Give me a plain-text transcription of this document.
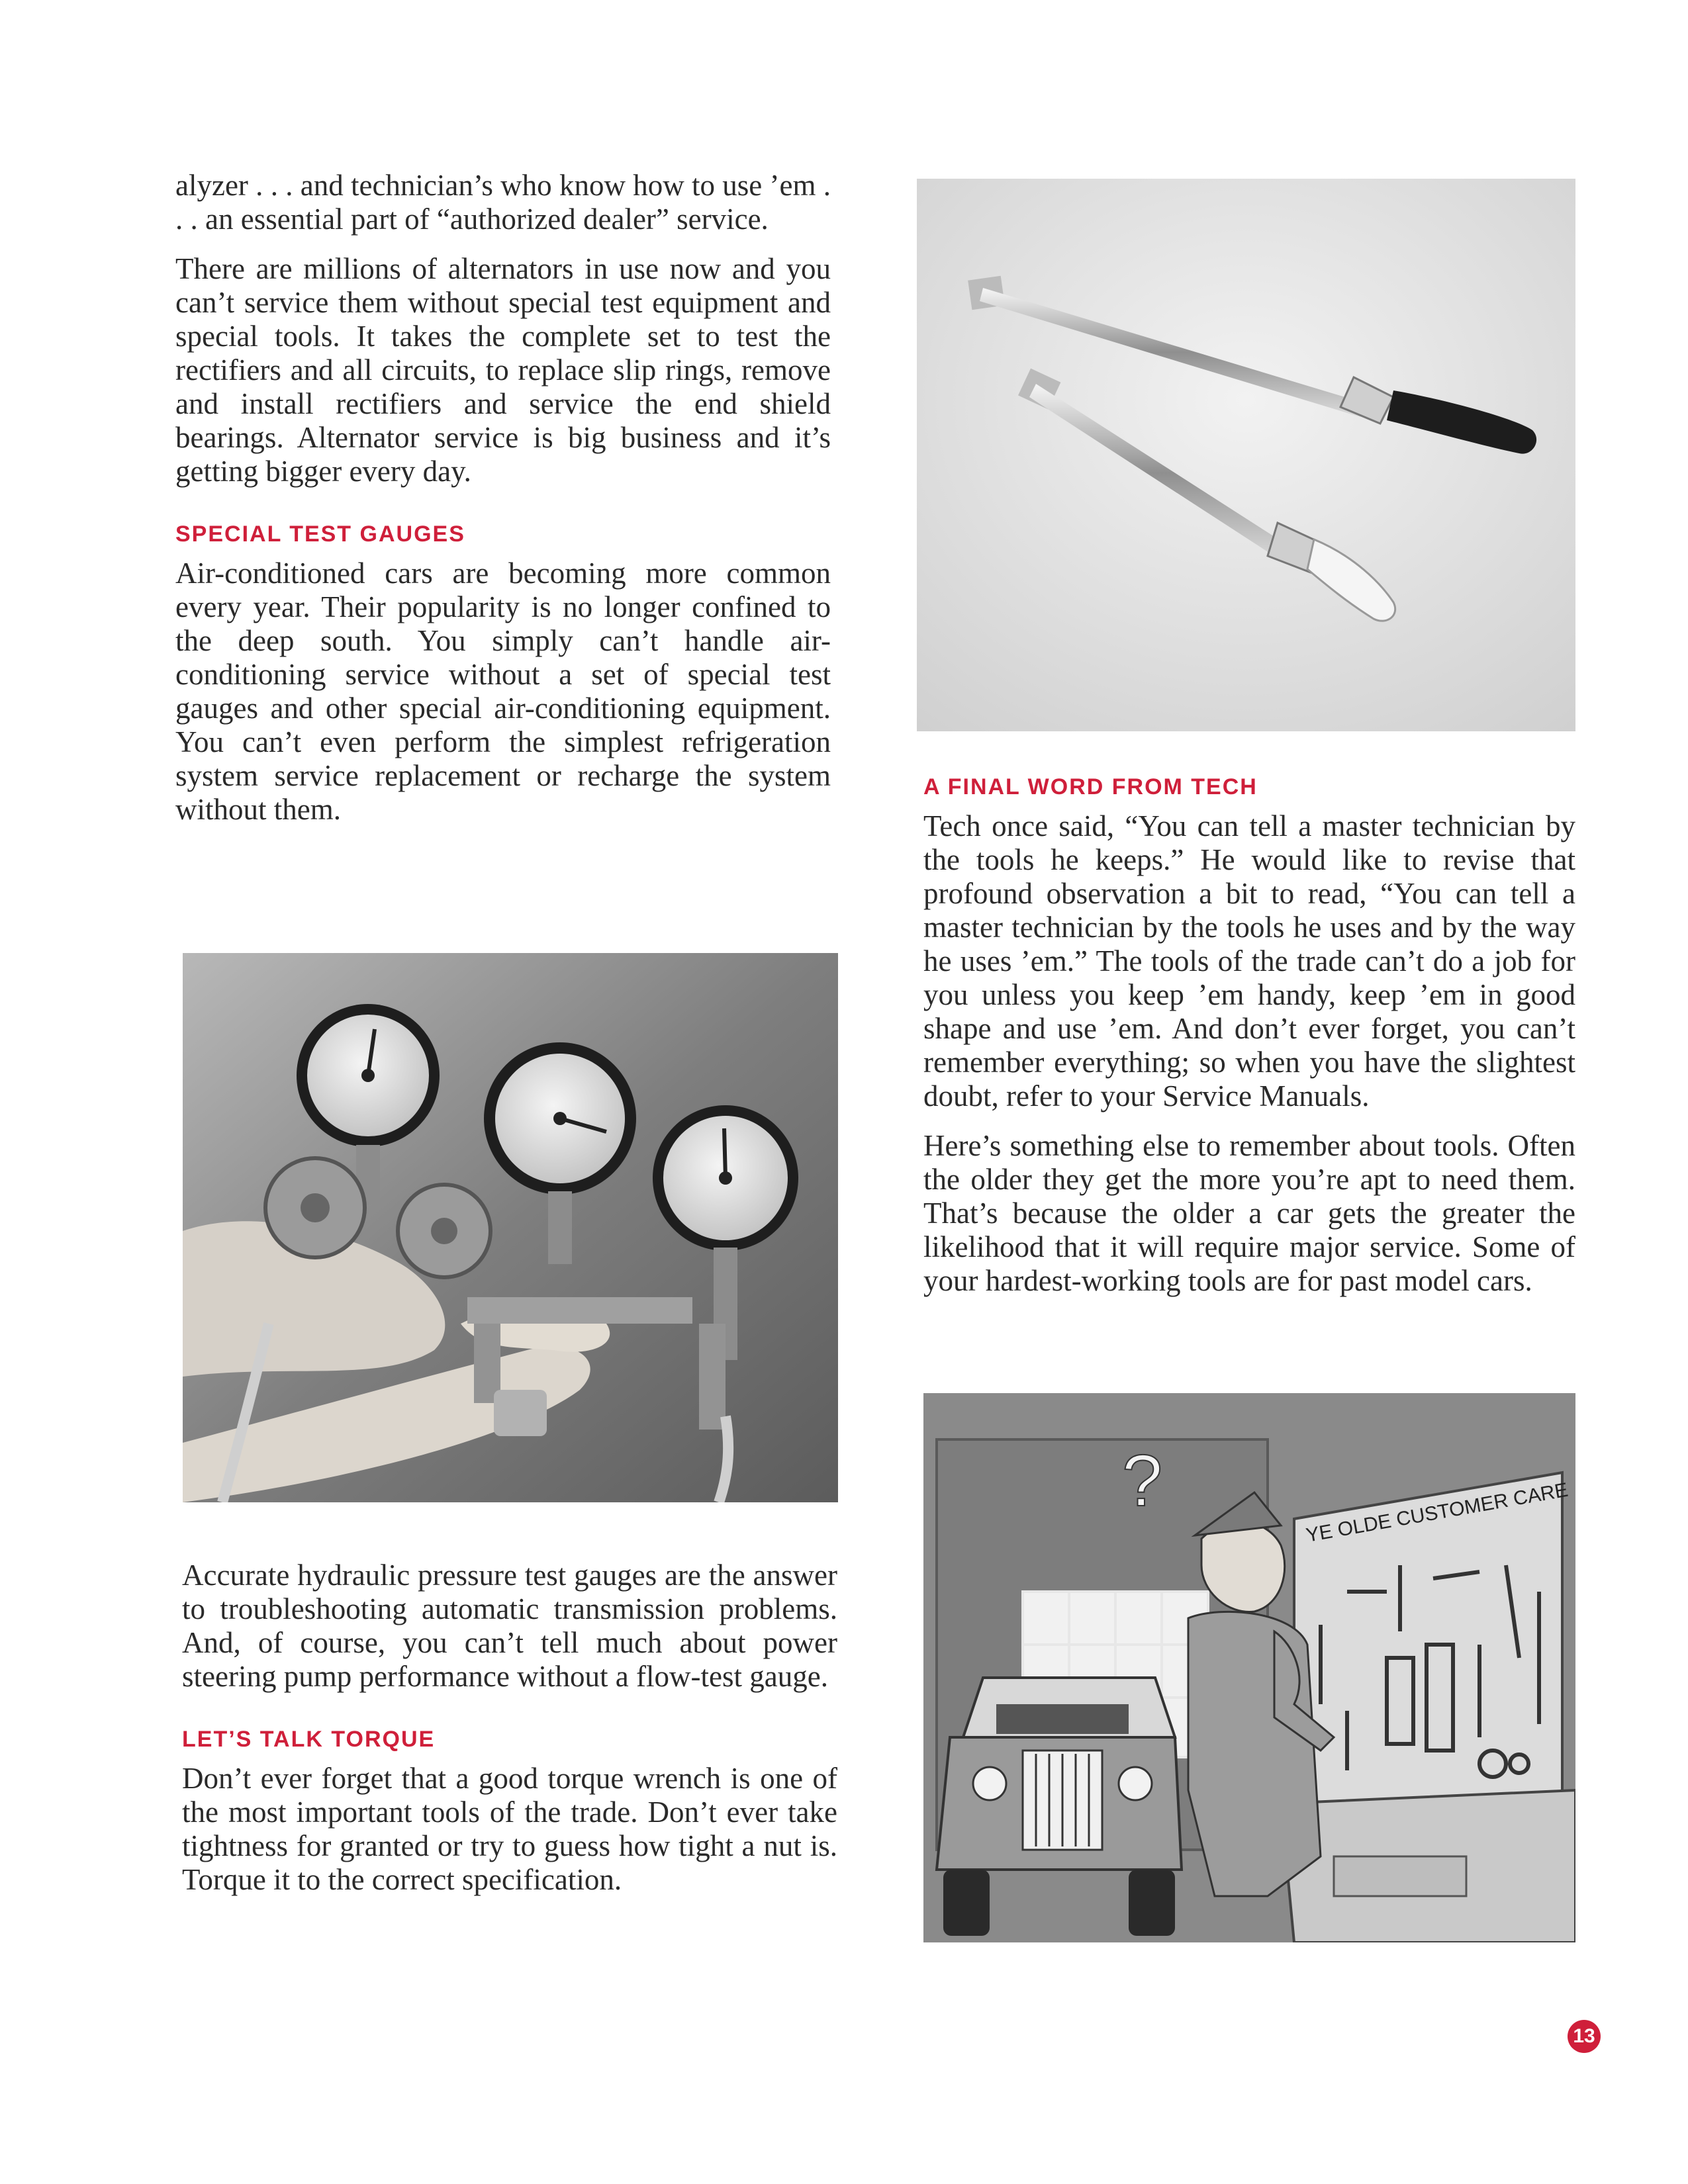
alyzer . . . and technician’s who know how to use ’em . . . an essential part of “authorized dealer” service.

There are millions of alternators in use now and you can’t service them without special test equipment and special tools. It takes the complete set to test the rectifiers and all circuits, to replace slip rings, remove and install rectifiers and service the end shield bearings. Alternator service is big business and it’s getting bigger every day.

SPECIAL TEST GAUGES

Air-conditioned cars are becoming more common every year. Their popularity is no longer confined to the deep south. You simply can’t handle air-conditioning service without a set of special test gauges and other special air-conditioning equipment. You can’t even perform the simplest refrigeration system service replacement or recharge the system without them.

Accurate hydraulic pressure test gauges are the answer to troubleshooting automatic transmission problems. And, of course, you can’t tell much about power steering pump performance without a flow-test gauge.

LET’S TALK TORQUE

Don’t ever forget that a good torque wrench is one of the most important tools of the trade. Don’t ever take tightness for granted or try to guess how tight a nut is. Torque it to the correct specification.

A FINAL WORD FROM TECH

Tech once said, “You can tell a master technician by the tools he keeps.” He would like to revise that profound observation a bit to read, “You can tell a master technician by the tools he uses and by the way he uses ’em.” The tools of the trade can’t do a job for you unless you keep ’em handy, keep ’em in good shape and use ’em. And don’t ever forget, you can’t remember everything; so when you have the slightest doubt, refer to your Service Manuals.

Here’s something else to remember about tools. Often the older they get the more you’re apt to need them. That’s because the older a car gets the greater the likelihood that it will require major service. Some of your hardest-working tools are for past model cars.

YE OLDE CUSTOMER CARE
?
13
